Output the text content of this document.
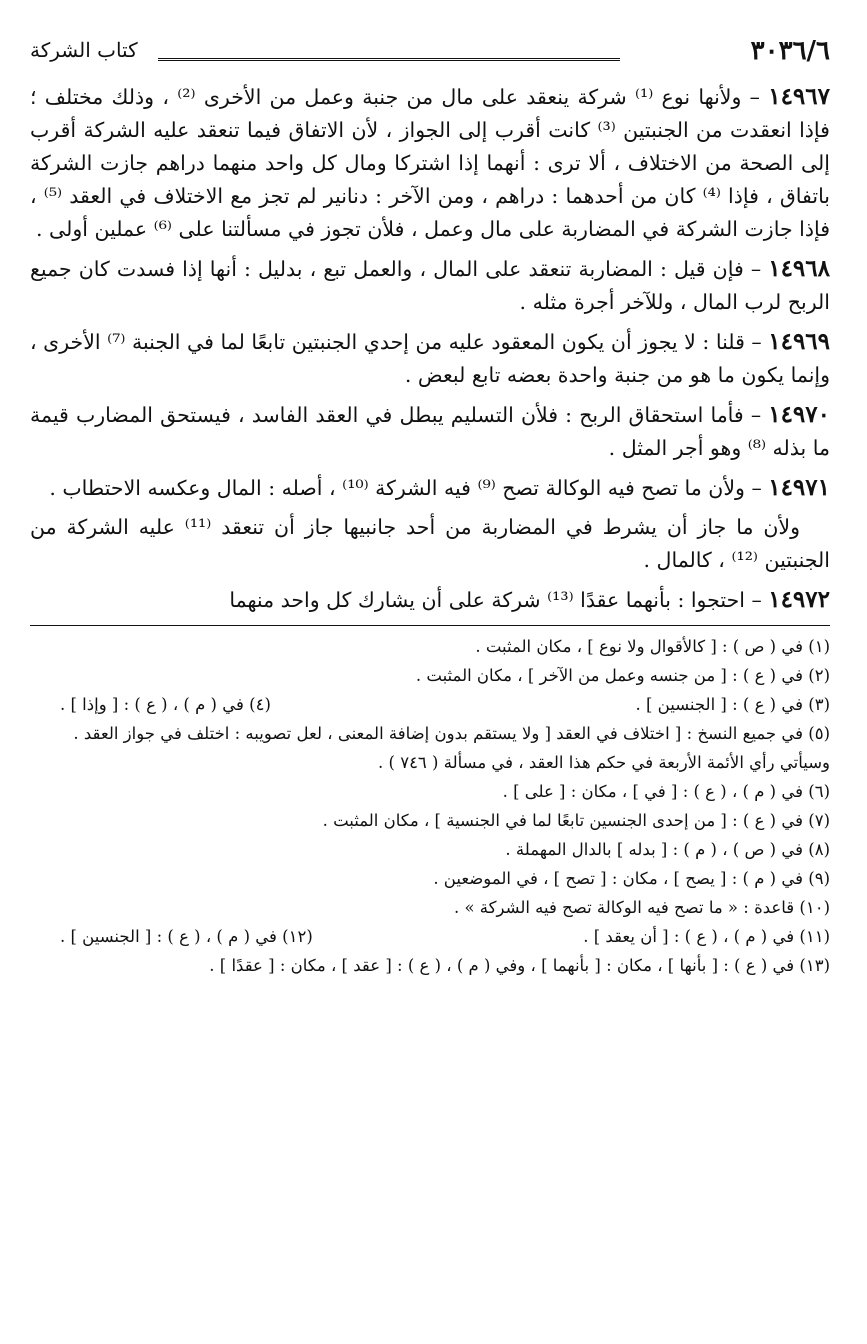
٣٠٣٦/٦
كتاب الشركة

١٤٩٦٧ – ولأنها نوع ⁽¹⁾ شركة ينعقد على مال من جنبة وعمل من الأخرى ⁽²⁾ ، وذلك مختلف ؛ فإذا انعقدت من الجنبتين ⁽³⁾ كانت أقرب إلى الجواز ، لأن الاتفاق فيما تنعقد عليه الشركة أقرب إلى الصحة من الاختلاف ، ألا ترى : أنهما إذا اشتركا ومال كل واحد منهما دراهم جازت الشركة باتفاق ، فإذا ⁽⁴⁾ كان من أحدهما : دراهم ، ومن الآخر : دنانير لم تجز مع الاختلاف في العقد ⁽⁵⁾ ، فإذا جازت الشركة في المضاربة على مال وعمل ، فلأن تجوز في مسألتنا على ⁽⁶⁾ عملين أولى .

١٤٩٦٨ – فإن قيل : المضاربة تنعقد على المال ، والعمل تبع ، بدليل : أنها إذا فسدت كان جميع الربح لرب المال ، وللآخر أجرة مثله .

١٤٩٦٩ – قلنا : لا يجوز أن يكون المعقود عليه من إحدي الجنبتين تابعًا لما في الجنبة ⁽⁷⁾ الأخرى ، وإنما يكون ما هو من جنبة واحدة بعضه تابع لبعض .

١٤٩٧٠ – فأما استحقاق الربح : فلأن التسليم يبطل في العقد الفاسد ، فيستحق المضارب قيمة ما بذله ⁽⁸⁾ وهو أجر المثل .

١٤٩٧١ – ولأن ما تصح فيه الوكالة تصح ⁽⁹⁾ فيه الشركة ⁽¹⁰⁾ ، أصله : المال وعكسه الاحتطاب .

ولأن ما جاز أن يشرط في المضاربة من أحد جانبيها جاز أن تنعقد ⁽¹¹⁾ عليه الشركة من الجنبتين ⁽¹²⁾ ، كالمال .

١٤٩٧٢ – احتجوا : بأنهما عقدًا ⁽¹³⁾ شركة على أن يشارك كل واحد منهما

(١) في ( ص ) : [ كالأقوال ولا نوع ] ، مكان المثبت .

(٢) في ( ع ) : [ من جنسه وعمل من الآخر ] ، مكان المثبت .

(٣) في ( ع ) : [ الجنسين ] .
(٤) في ( م ) ، ( ع ) : [ وإذا ] .

(٥) في جميع النسخ : [ اختلاف في العقد [ ولا يستقم بدون إضافة المعنى ، لعل تصويبه : اختلف في جواز العقد . وسيأتي رأي الأئمة الأربعة في حكم هذا العقد ، في مسألة ( ٧٤٦ ) .

(٦) في ( م ) ، ( ع ) : [ في ] ، مكان : [ على ] .

(٧) في ( ع ) : [ من إحدى الجنسين تابعًا لما في الجنسية ] ، مكان المثبت .

(٨) في ( ص ) ، ( م ) : [ بدله ] بالدال المهملة .

(٩) في ( م ) : [ يصح ] ، مكان : [ تصح ] ، في الموضعين .

(١٠) قاعدة : « ما تصح فيه الوكالة تصح فيه الشركة » .

(١١) في ( م ) ، ( ع ) : [ أن يعقد ] .
(١٢) في ( م ) ، ( ع ) : [ الجنسين ] .

(١٣) في ( ع ) : [ بأنها ] ، مكان : [ بأنهما ] ، وفي ( م ) ، ( ع ) : [ عقد ] ، مكان : [ عقدًا ] .
